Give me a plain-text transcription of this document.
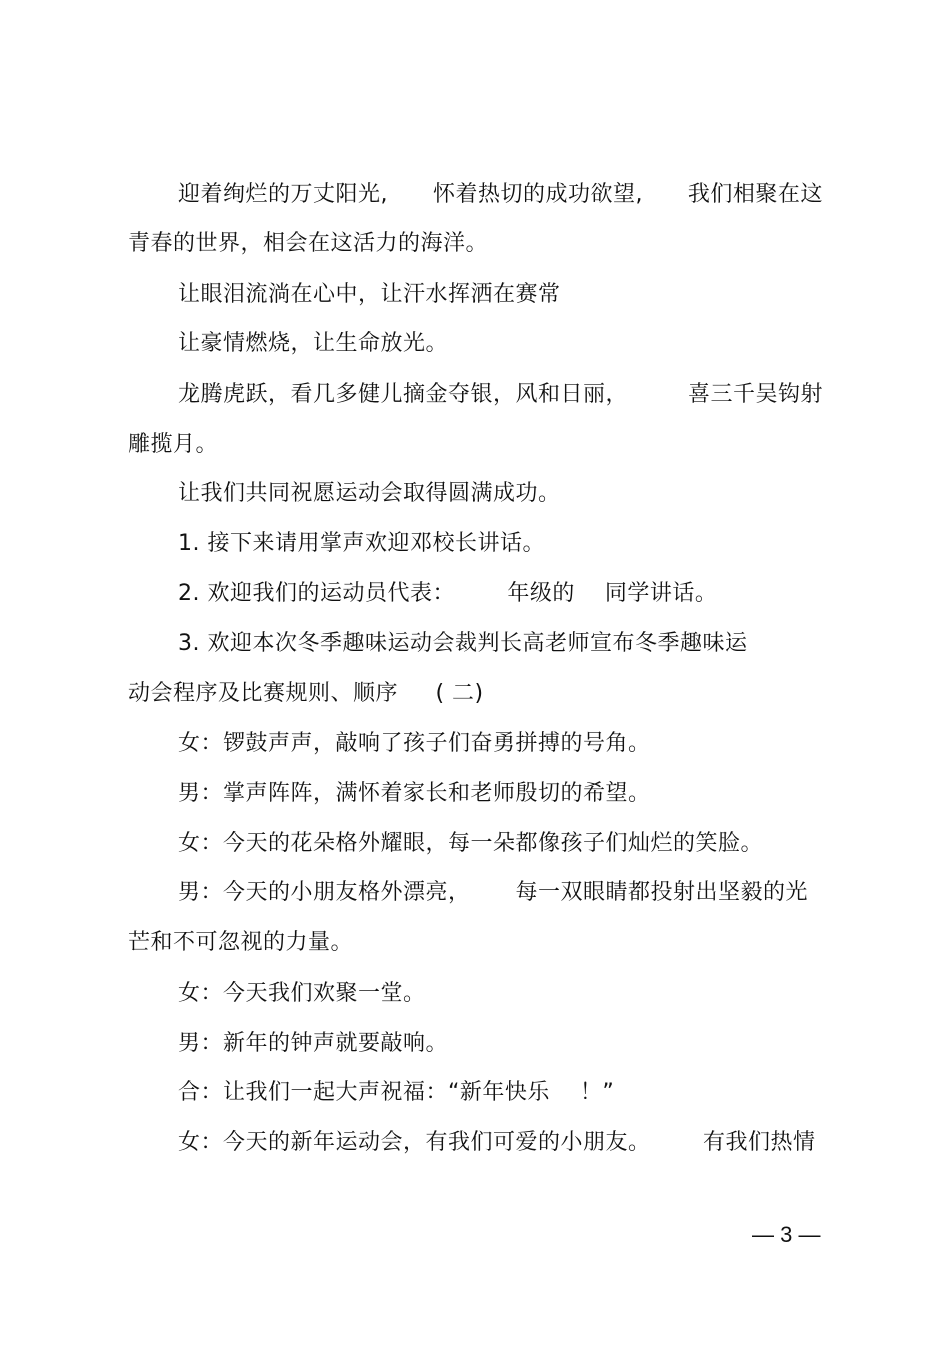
迎着绚烂的万丈阳光,      怀着热切的成功欲望,      我们相聚在这
青春的世界，相会在这活力的海洋。
让眼泪流淌在心中，让汗水挥洒在赛常
让豪情燃烧，让生命放光。
龙腾虎跃，看几多健儿摘金夺银，风和日丽，        喜三千吴钩射
雕揽月。
让我们共同祝愿运动会取得圆满成功。
1. 接下来请用掌声欢迎邓校长讲话。
2. 欢迎我们的运动员代表：       年级的    同学讲话。
3. 欢迎本次冬季趣味运动会裁判长高老师宣布冬季趣味运
动会程序及比赛规则、顺序     ( 二)
女：锣鼓声声，敲响了孩子们奋勇拼搏的号角。
男：掌声阵阵，满怀着家长和老师殷切的希望。
女：今天的花朵格外耀眼，每一朵都像孩子们灿烂的笑脸。
男：今天的小朋友格外漂亮，      每一双眼睛都投射出坚毅的光
芒和不可忽视的力量。
女：今天我们欢聚一堂。
男：新年的钟声就要敲响。
合：让我们一起大声祝福：“新年快乐    ！”
女：今天的新年运动会，有我们可爱的小朋友。       有我们热情
— 3 —
